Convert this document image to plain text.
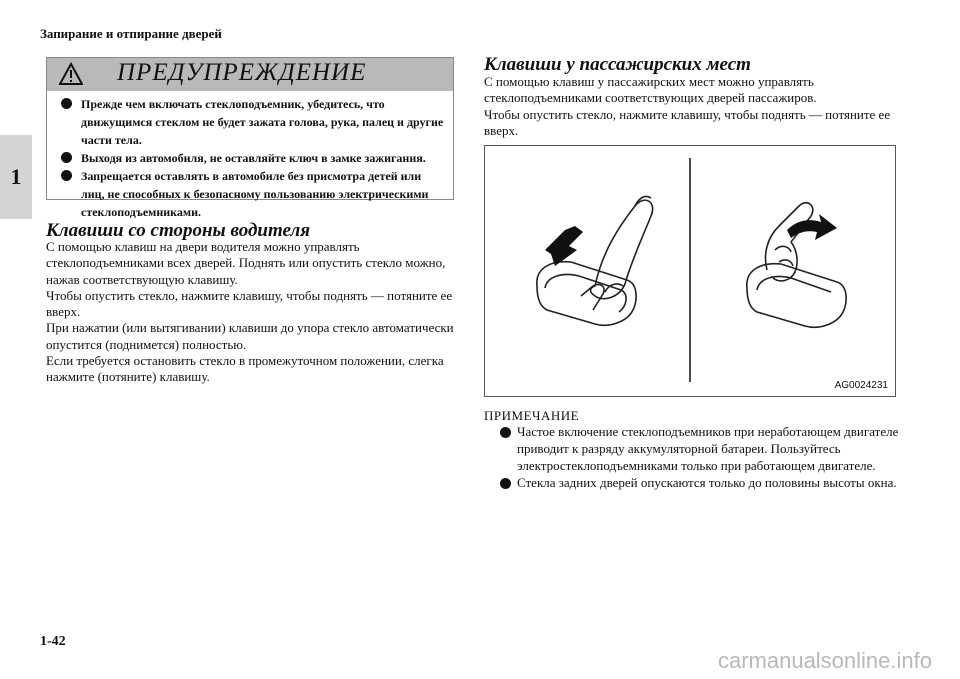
Запирание и отпирание дверей
1
ПРЕДУПРЕЖДЕНИЕ
Прежде чем включать стеклоподъемник, убедитесь, что движущимся стеклом не будет зажата голова, рука, палец и другие части тела.
Выходя из автомобиля, не оставляйте ключ в замке зажигания.
Запрещается оставлять в автомобиле без присмотра детей или лиц, не способных к безопасному пользованию электрическими стеклоподъемниками.
Клавиши со стороны водителя

С помощью клавиш на двери водителя можно управлять стеклоподъемниками всех дверей. Поднять или опустить стекло можно, нажав соответствующую клавишу.

Чтобы опустить стекло, нажмите клавишу, чтобы поднять — потяните ее вверх.

При нажатии (или вытягивании) клавиши до упора стекло автоматически опустится (поднимется) полностью.

Если требуется остановить стекло в промежуточном положении, слегка нажмите (потяните) клавишу.

Клавиши у пассажирских мест

С помощью клавиш у пассажирских мест можно управлять стеклоподъемниками соответствующих дверей пассажиров.

Чтобы опустить стекло, нажмите клавишу, чтобы поднять — потяните ее вверх.

AG0024231
ПРИМЕЧАНИЕ
Частое включение стеклоподъемников при неработающем двигателе приводит к разряду аккумуляторной батареи. Пользуйтесь электростеклоподъемниками только при работающем двигателе.
Стекла задних дверей опускаются только до половины высоты окна.
1-42
carmanualsonline.info
